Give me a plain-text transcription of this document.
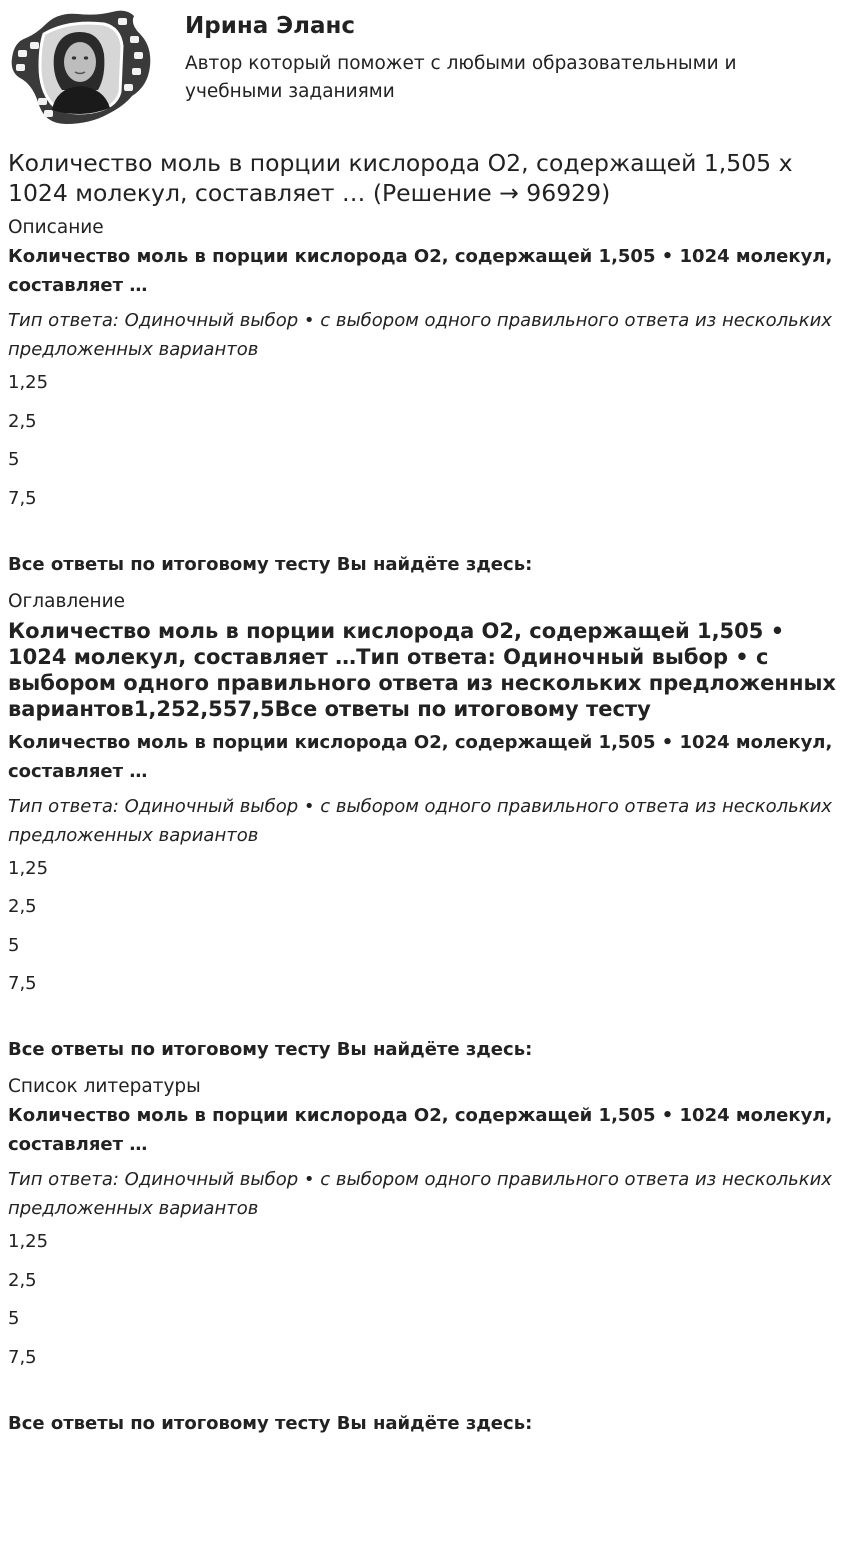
Ирина Эланс
Автор который поможет с любыми образовательными и учебными заданиями
Количество моль в порции кислорода O2, содержащей 1,505 х 1024 молекул, составляет … (Решение → 96929)

Описание

Количество моль в порции кислорода O2, содержащей 1,505 • 1024 молекул, составляет …

Тип ответа: Одиночный выбор • с выбором одного правильного ответа из нескольких предложенных вариантов

1,25

2,5

5

7,5

Все ответы по итоговому тесту Вы найдёте здесь:

Оглавление

Количество моль в порции кислорода O2, содержащей 1,505 • 1024 молекул, составляет …Тип ответа: Одиночный выбор • с выбором одного правильного ответа из нескольких предложенных вариантов1,252,557,5Все ответы по итоговому тесту

Количество моль в порции кислорода O2, содержащей 1,505 • 1024 молекул, составляет …

Тип ответа: Одиночный выбор • с выбором одного правильного ответа из нескольких предложенных вариантов

1,25

2,5

5

7,5

Все ответы по итоговому тесту Вы найдёте здесь:

Список литературы

Количество моль в порции кислорода O2, содержащей 1,505 • 1024 молекул, составляет …

Тип ответа: Одиночный выбор • с выбором одного правильного ответа из нескольких предложенных вариантов

1,25

2,5

5

7,5

Все ответы по итоговому тесту Вы найдёте здесь:
